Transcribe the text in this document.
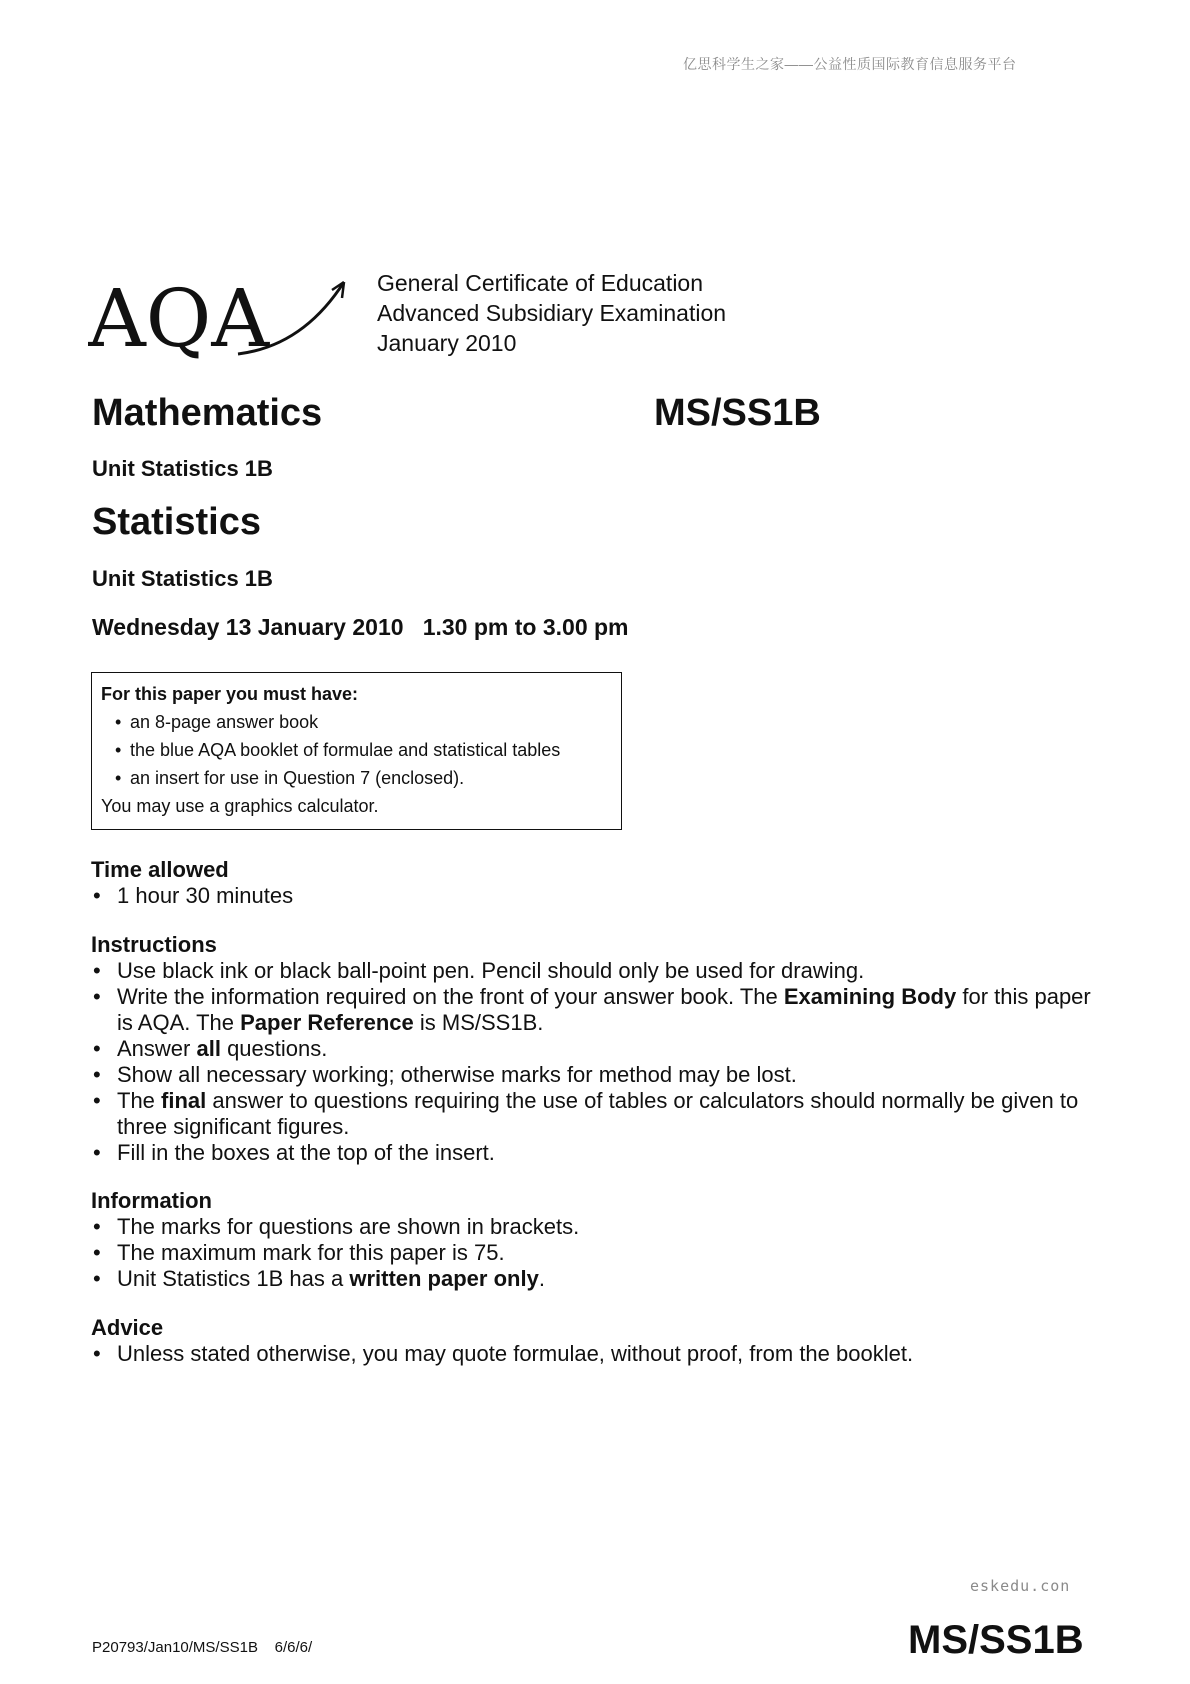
亿思科学生之家——公益性质国际教育信息服务平台
AQA	General Certificate of Education
Advanced Subsidiary Examination
January 2010
Mathematics	MS/SS1B
Unit Statistics 1B
Statistics
Unit Statistics 1B
Wednesday 13 January 2010   1.30 pm to 3.00 pm
For this paper you must have:
• an 8-page answer book
• the blue AQA booklet of formulae and statistical tables
• an insert for use in Question 7 (enclosed).
You may use a graphics calculator.
Time allowed
• 1 hour 30 minutes
Instructions
• Use black ink or black ball-point pen. Pencil should only be used for drawing.
• Write the information required on the front of your answer book. The Examining Body for this paper is AQA. The Paper Reference is MS/SS1B.
• Answer all questions.
• Show all necessary working; otherwise marks for method may be lost.
• The final answer to questions requiring the use of tables or calculators should normally be given to three significant figures.
• Fill in the boxes at the top of the insert.
Information
• The marks for questions are shown in brackets.
• The maximum mark for this paper is 75.
• Unit Statistics 1B has a written paper only.
Advice
• Unless stated otherwise, you may quote formulae, without proof, from the booklet.
eskedu.con
P20793/Jan10/MS/SS1B    6/6/6/	MS/SS1B
